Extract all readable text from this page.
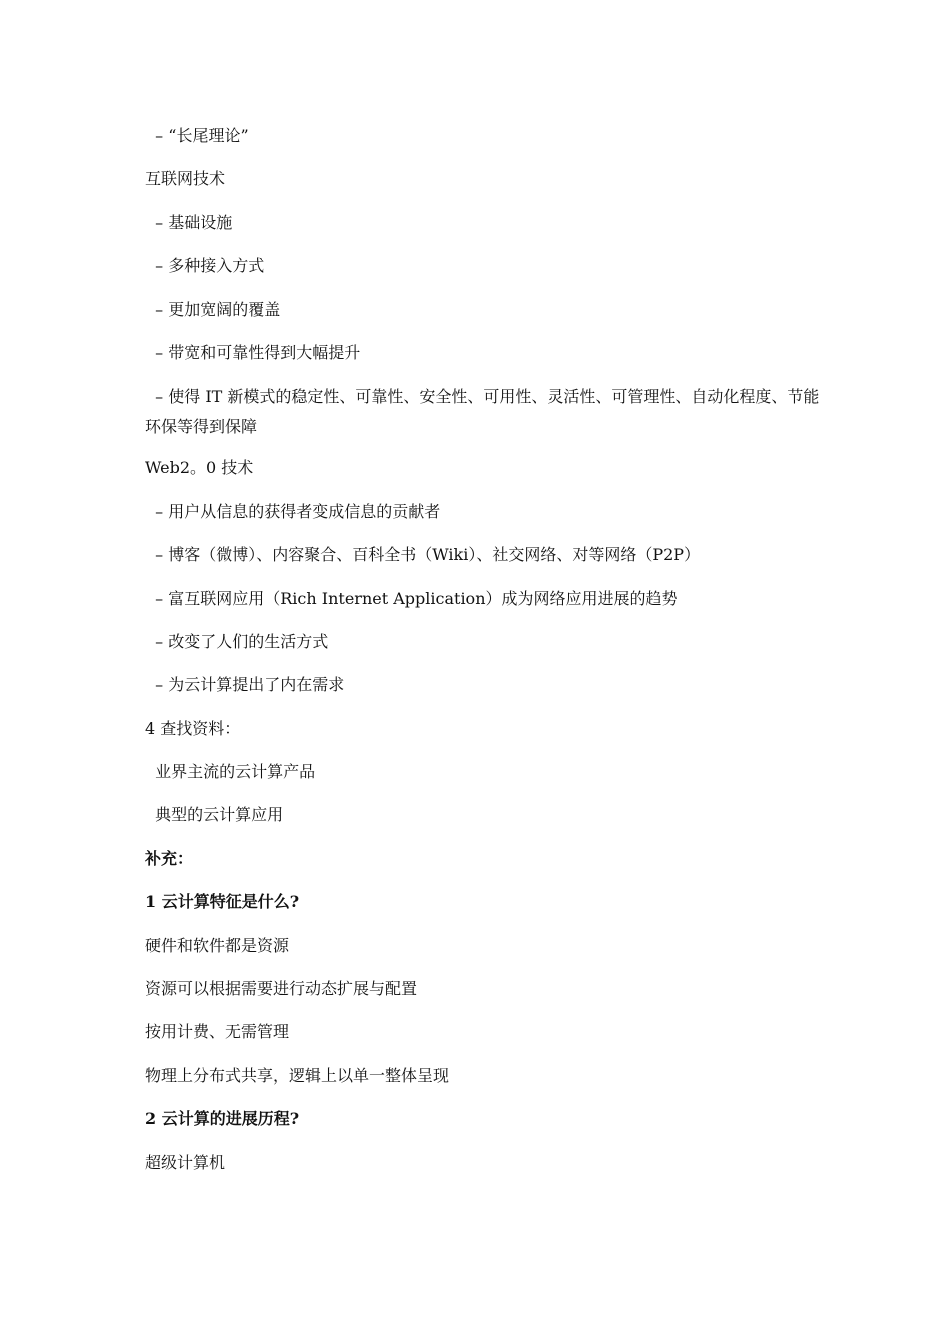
– “长尾理论”

互联网技术

– 基础设施

– 多种接入方式

– 更加宽阔的覆盖

– 带宽和可靠性得到大幅提升

– 使得 IT 新模式的稳定性、可靠性、安全性、可用性、灵活性、可管理性、自动化程度、节能环保等得到保障

Web2。0 技术

– 用户从信息的获得者变成信息的贡献者

– 博客（微博）、内容聚合、百科全书（Wiki）、社交网络、对等网络（P2P）

– 富互联网应用（Rich Internet Application）成为网络应用进展的趋势

– 改变了人们的生活方式

– 为云计算提出了内在需求

4 查找资料：

业界主流的云计算产品

典型的云计算应用

补充：

1 云计算特征是什么?

硬件和软件都是资源

资源可以根据需要进行动态扩展与配置

按用计费、无需管理

物理上分布式共享，逻辑上以单一整体呈现

2 云计算的进展历程?

超级计算机
